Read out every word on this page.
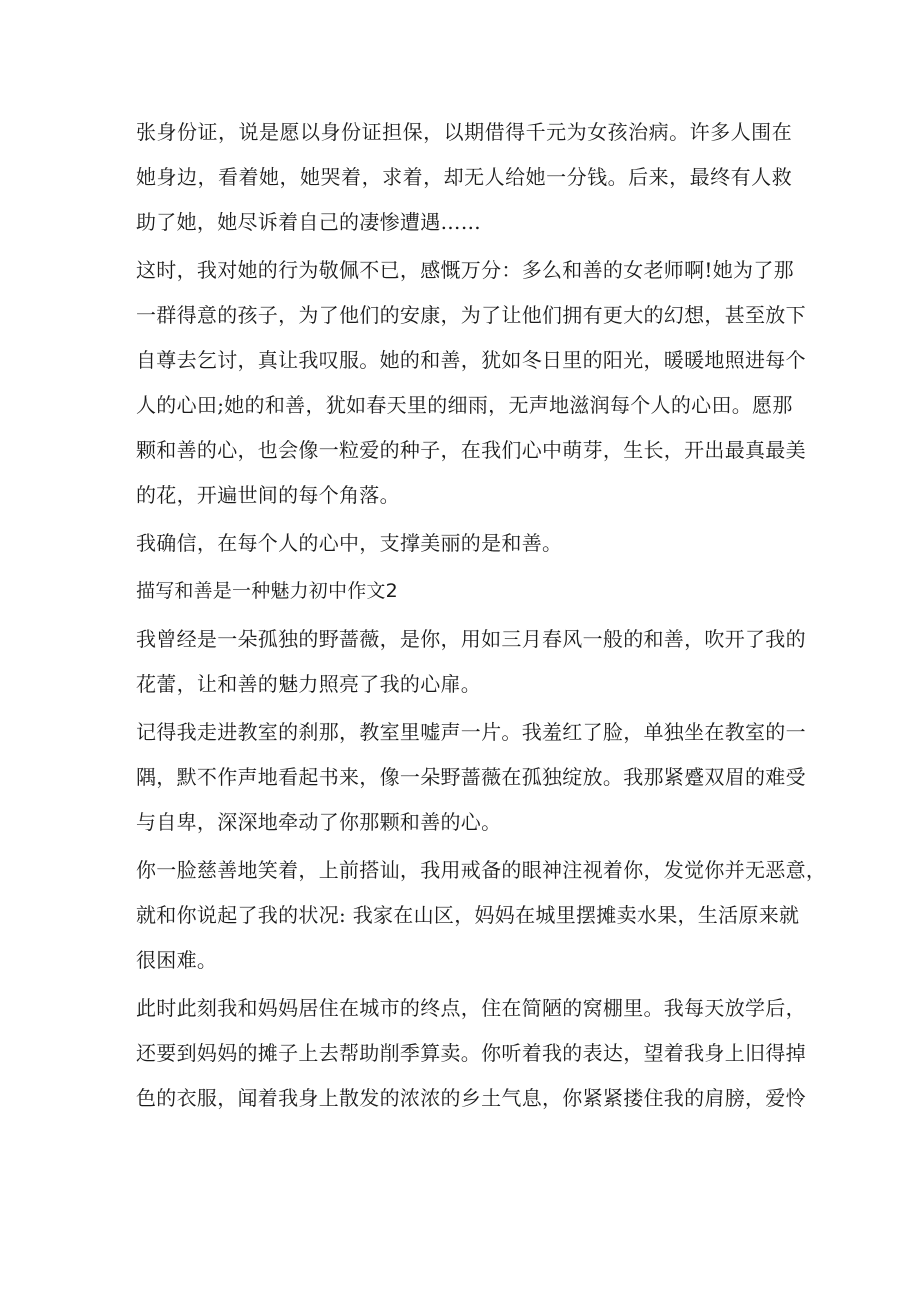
张身份证，说是愿以身份证担保，以期借得千元为女孩治病。许多人围在
她身边，看着她，她哭着，求着，却无人给她一分钱。后来，最终有人救
助了她，她尽诉着自己的凄惨遭遇……

这时，我对她的行为敬佩不已，感慨万分：多么和善的女老师啊!她为了那
一群得意的孩子，为了他们的安康，为了让他们拥有更大的幻想，甚至放下
自尊去乞讨，真让我叹服。她的和善，犹如冬日里的阳光，暖暖地照进每个
人的心田;她的和善，犹如春天里的细雨，无声地滋润每个人的心田。愿那
颗和善的心，也会像一粒爱的种子，在我们心中萌芽，生长，开出最真最美
的花，开遍世间的每个角落。

我确信，在每个人的心中，支撑美丽的是和善。

描写和善是一种魅力初中作文2

我曾经是一朵孤独的野蔷薇，是你，用如三月春风一般的和善，吹开了我的
花蕾，让和善的魅力照亮了我的心扉。

记得我走进教室的刹那，教室里嘘声一片。我羞红了脸，单独坐在教室的一
隅，默不作声地看起书来，像一朵野蔷薇在孤独绽放。我那紧蹙双眉的难受
与自卑，深深地牵动了你那颗和善的心。

你一脸慈善地笑着，上前搭讪，我用戒备的眼神注视着你，发觉你并无恶意，
就和你说起了我的状况: 我家在山区，妈妈在城里摆摊卖水果，生活原来就
很困难。

此时此刻我和妈妈居住在城市的终点，住在简陋的窝棚里。我每天放学后，
还要到妈妈的摊子上去帮助削季算卖。你听着我的表达，望着我身上旧得掉
色的衣服，闻着我身上散发的浓浓的乡土气息，你紧紧搂住我的肩膀，爱怜
